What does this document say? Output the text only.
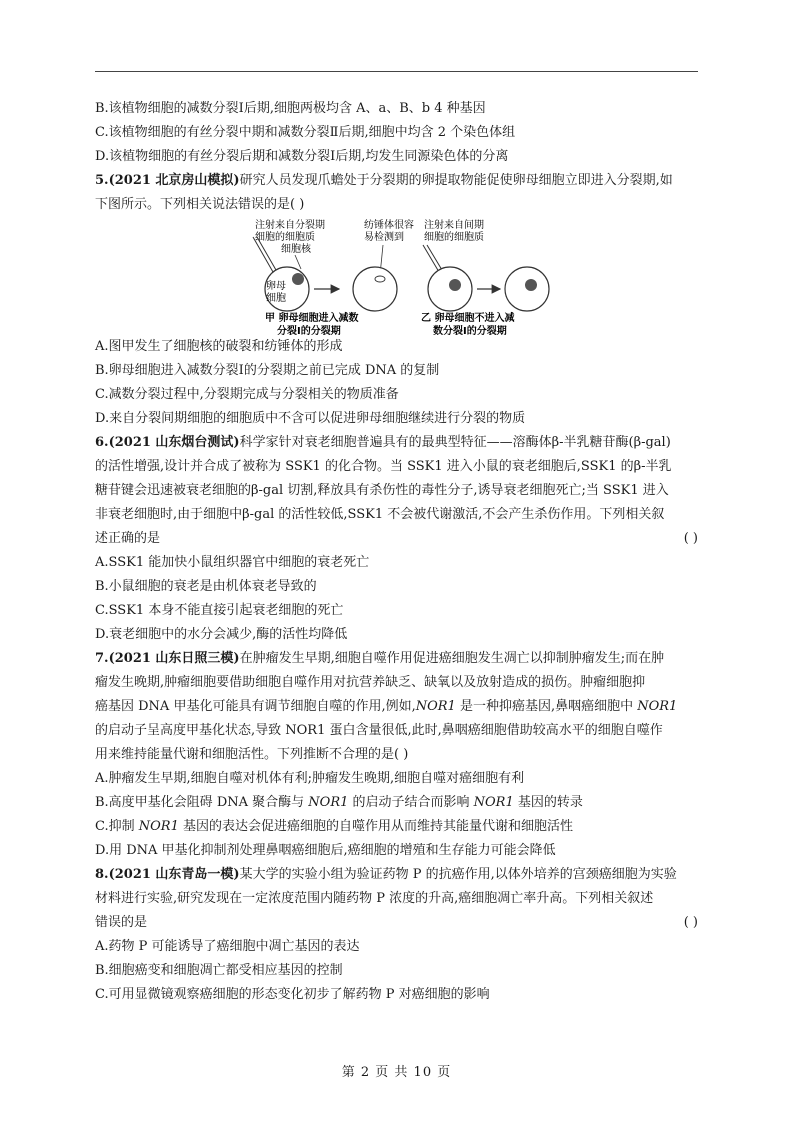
B.该植物细胞的减数分裂Ⅰ后期,细胞两极均含 A、a、B、b 4 种基因
C.该植物细胞的有丝分裂中期和减数分裂Ⅱ后期,细胞中均含 2 个染色体组
D.该植物细胞的有丝分裂后期和减数分裂Ⅰ后期,均发生同源染色体的分离
5.(2021 北京房山模拟)研究人员发现爪蟾处于分裂期的卵提取物能促使卵母细胞立即进入分裂期,如
下图所示。下列相关说法错误的是( )
注射来自分裂期
细胞的细胞质
细胞核
卵母
细胞
纺锤体很容
易检测到
甲 卵母细胞进入减数
分裂Ⅰ的分裂期
注射来自间期
细胞的细胞质
乙 卵母细胞不进入减
数分裂Ⅰ的分裂期
A.图甲发生了细胞核的破裂和纺锤体的形成
B.卵母细胞进入减数分裂Ⅰ的分裂期之前已完成 DNA 的复制
C.减数分裂过程中,分裂期完成与分裂相关的物质准备
D.来自分裂间期细胞的细胞质中不含可以促进卵母细胞继续进行分裂的物质
6.(2021 山东烟台测试)科学家针对衰老细胞普遍具有的最典型特征——溶酶体β-半乳糖苷酶(β-gal)
的活性增强,设计并合成了被称为 SSK1 的化合物。当 SSK1 进入小鼠的衰老细胞后,SSK1 的β-半乳
糖苷键会迅速被衰老细胞的β-gal 切割,释放具有杀伤性的毒性分子,诱导衰老细胞死亡;当 SSK1 进入
非衰老细胞时,由于细胞中β-gal 的活性较低,SSK1 不会被代谢激活,不会产生杀伤作用。下列相关叙
述正确的是	( )
A.SSK1 能加快小鼠组织器官中细胞的衰老死亡
B.小鼠细胞的衰老是由机体衰老导致的
C.SSK1 本身不能直接引起衰老细胞的死亡
D.衰老细胞中的水分会减少,酶的活性均降低
7.(2021 山东日照三模)在肿瘤发生早期,细胞自噬作用促进癌细胞发生凋亡以抑制肿瘤发生;而在肿
瘤发生晚期,肿瘤细胞要借助细胞自噬作用对抗营养缺乏、缺氧以及放射造成的损伤。肿瘤细胞抑
癌基因 DNA 甲基化可能具有调节细胞自噬的作用,例如,NOR1 是一种抑癌基因,鼻咽癌细胞中 NOR1
的启动子呈高度甲基化状态,导致 NOR1 蛋白含量很低,此时,鼻咽癌细胞借助较高水平的细胞自噬作
用来维持能量代谢和细胞活性。下列推断不合理的是( )
A.肿瘤发生早期,细胞自噬对机体有利;肿瘤发生晚期,细胞自噬对癌细胞有利
B.高度甲基化会阻碍 DNA 聚合酶与 NOR1 的启动子结合而影响 NOR1 基因的转录
C.抑制 NOR1 基因的表达会促进癌细胞的自噬作用从而维持其能量代谢和细胞活性
D.用 DNA 甲基化抑制剂处理鼻咽癌细胞后,癌细胞的增殖和生存能力可能会降低
8.(2021 山东青岛一模)某大学的实验小组为验证药物 P 的抗癌作用,以体外培养的宫颈癌细胞为实验
材料进行实验,研究发现在一定浓度范围内随药物 P 浓度的升高,癌细胞凋亡率升高。下列相关叙述
错误的是	( )
A.药物 P 可能诱导了癌细胞中凋亡基因的表达
B.细胞癌变和细胞凋亡都受相应基因的控制
C.可用显微镜观察癌细胞的形态变化初步了解药物 P 对癌细胞的影响
第 2 页 共 10 页
